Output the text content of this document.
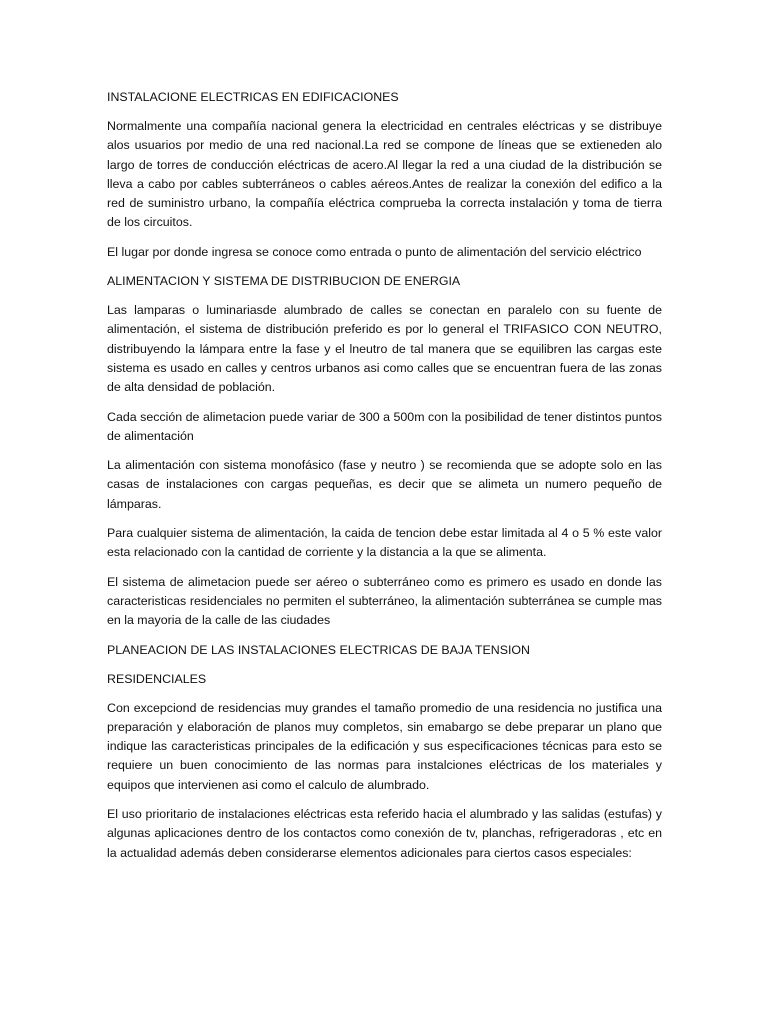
INSTALACIONE ELECTRICAS EN EDIFICACIONES

Normalmente una compañía nacional genera la electricidad en centrales eléctricas y se distribuye alos usuarios por medio de una red nacional.La red se compone de líneas que se extieneden alo largo de torres de conducción eléctricas de acero.Al llegar la red a una ciudad de la distribución se lleva a cabo por cables subterráneos o cables aéreos.Antes de realizar la conexión del edifico a la red de suministro urbano, la compañía eléctrica comprueba la correcta instalación y toma de tierra de los circuitos.

El lugar por donde ingresa se conoce como entrada o punto de alimentación del servicio eléctrico

ALIMENTACION Y SISTEMA DE DISTRIBUCION DE ENERGIA

Las lamparas o luminariasde alumbrado de calles se conectan en paralelo con su fuente de alimentación, el sistema de distribución preferido es por lo general el TRIFASICO CON NEUTRO, distribuyendo la lámpara entre la fase y el lneutro de tal manera que se equilibren las cargas este sistema es usado en calles y centros urbanos asi como calles que se encuentran fuera de las zonas de alta densidad de población.

Cada sección de alimetacion puede variar de 300 a 500m con la posibilidad de tener distintos puntos de alimentación

La alimentación con sistema monofásico (fase y neutro ) se recomienda que se adopte solo en las casas de instalaciones con cargas pequeñas, es decir que se alimeta un numero pequeño de lámparas.

Para cualquier sistema de alimentación, la caida de tencion debe estar limitada al 4 o 5 % este valor esta relacionado con la cantidad de corriente y la distancia a la que se alimenta.

El sistema de alimetacion puede ser aéreo o subterráneo como es primero es usado en donde las caracteristicas residenciales no permiten el subterráneo, la alimentación subterránea se cumple mas en la mayoria de la calle de las ciudades

PLANEACION DE LAS INSTALACIONES ELECTRICAS DE BAJA TENSION
RESIDENCIALES

Con excepciond de residencias muy grandes el tamaño promedio de una residencia no justifica una preparación y elaboración de planos muy completos, sin emabargo se debe preparar un plano que indique las caracteristicas principales de la edificación y sus especificaciones técnicas para esto se requiere un buen conocimiento de las normas para instalciones eléctricas de los materiales y equipos que intervienen asi como el calculo de alumbrado.

El uso prioritario de instalaciones eléctricas esta referido hacia el alumbrado y las salidas (estufas) y algunas aplicaciones dentro de los contactos como conexión de tv, planchas, refrigeradoras , etc en la actualidad además deben considerarse elementos adicionales para ciertos casos especiales:
